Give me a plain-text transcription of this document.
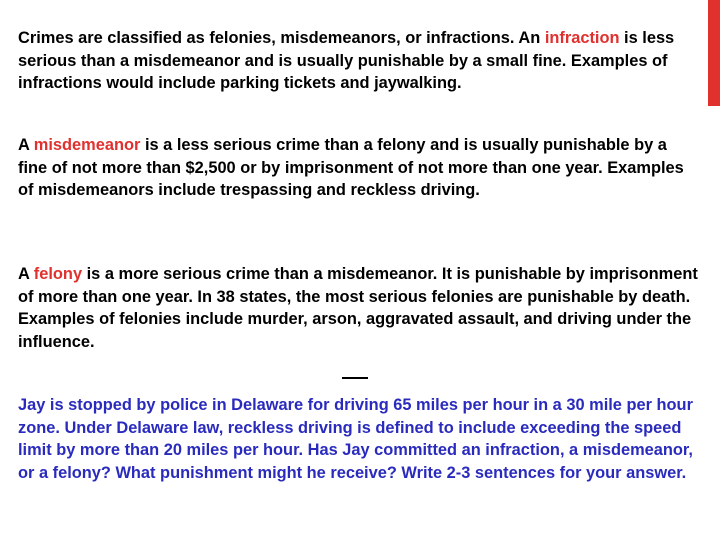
Crimes are classified as felonies, misdemeanors, or infractions. An infraction is less serious than a misdemeanor and is usually punishable by a small fine. Examples of infractions would include parking tickets and jaywalking.

A misdemeanor is a less serious crime than a felony and is usually punishable by a fine of not more than $2,500 or by imprisonment of not more than one year. Examples of misdemeanors include trespassing and reckless driving.

A felony is a more serious crime than a misdemeanor. It is punishable by imprisonment of more than one year. In 38 states, the most serious felonies are punishable by death. Examples of felonies include murder, arson, aggravated assault, and driving under the influence.

Jay is stopped by police in Delaware for driving 65 miles per hour in a 30 mile per hour zone. Under Delaware law, reckless driving is defined to include exceeding the speed limit by more than 20 miles per hour. Has Jay committed an infraction, a misdemeanor, or a felony? What punishment might he receive? Write 2-3 sentences for your answer.
